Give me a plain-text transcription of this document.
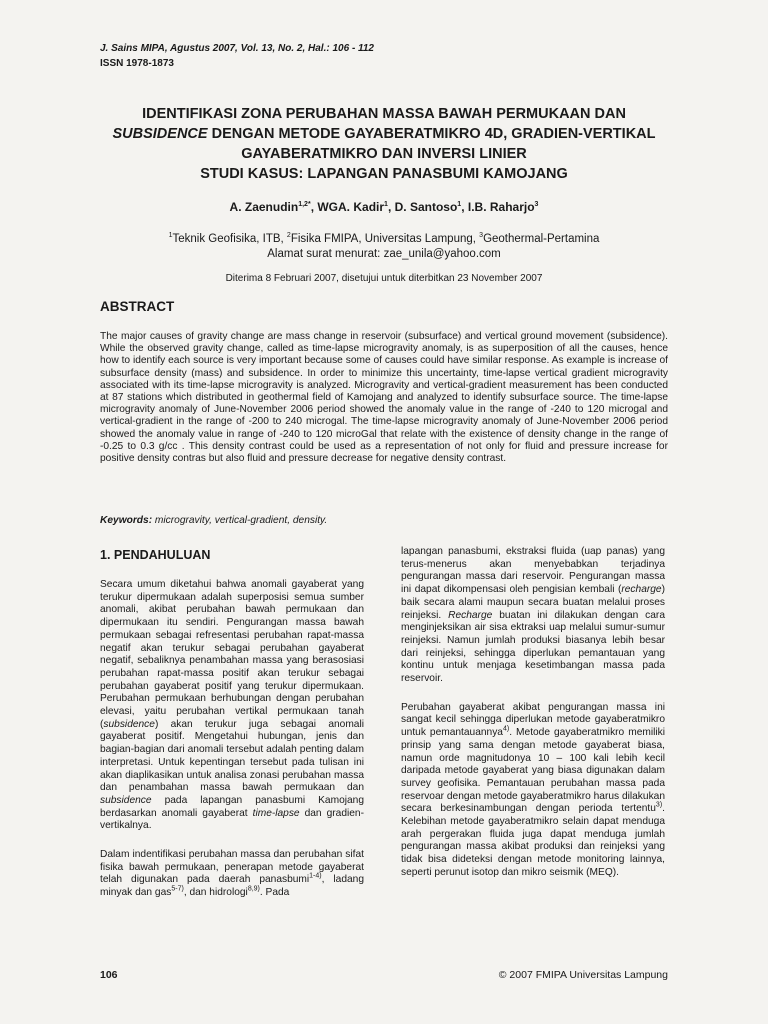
J. Sains MIPA, Agustus 2007, Vol. 13, No. 2, Hal.: 106 - 112
ISSN 1978-1873
IDENTIFIKASI ZONA PERUBAHAN MASSA BAWAH PERMUKAAN DAN
SUBSIDENCE DENGAN METODE GAYABERATMIKRO 4D, GRADIEN-VERTIKAL
GAYABERATMIKRO DAN INVERSI LINIER
STUDI KASUS: LAPANGAN PANASBUMI KAMOJANG
A. Zaenudin$^{1,2*}$, WGA. Kadir$^1$, D. Santoso$^1$, I.B. Raharjo$^3$
$^1$Teknik Geofisika, ITB, $^2$Fisika FMIPA, Universitas Lampung, $^3$Geothermal-Pertamina
Alamat surat menurat: zae_unila@yahoo.com
Diterima 8 Februari 2007, disetujui untuk diterbitkan 23 November 2007
ABSTRACT
The major causes of gravity change are mass change in reservoir (subsurface) and vertical ground movement (subsidence). While the observed gravity change, called as time-lapse microgravity anomaly, is as superposition of all the causes, hence how to identify each source is very important because some of causes could have similar response. As example is increase of subsurface density (mass) and subsidence. In order to minimize this uncertainty, time-lapse vertical gradient microgravity associated with its time-lapse microgravity is analyzed. Microgravity and vertical-gradient measurement has been conducted at 87 stations which distributed in geothermal field of Kamojang and analyzed to identify subsurface source. The time-lapse microgravity anomaly of June-November 2006 period showed the anomaly value in the range of -240 to 120 microgal and vertical-gradient in the range of -200 to 240 microgal. The time-lapse microgravity anomaly of June-November 2006 period showed the anomaly value in range of -240 to 120 microGal that relate with the existence of density change in the range of -0.25 to 0.3 g/cc . This density contrast could be used as a representation of not only for fluid and pressure increase for positive density contras but also fluid and pressure decrease for negative density contrast.
Keywords: microgravity, vertical-gradient, density.
1. PENDAHULUAN

Secara umum diketahui bahwa anomali gayaberat yang terukur dipermukaan adalah superposisi semua sumber anomali, akibat perubahan bawah permukaan dan dipermukaan itu sendiri. Pengurangan massa bawah permukaan sebagai refresentasi perubahan rapat-massa negatif akan terukur sebagai perubahan gayaberat negatif, sebaliknya penambahan massa yang berasosiasi perubahan rapat-massa positif akan terukur sebagai perubahan gayaberat positif yang terukur dipermukaan. Perubahan permukaan berhubungan dengan perubahan elevasi, yaitu perubahan vertikal permukaan tanah (subsidence) akan terukur juga sebagai anomali gayaberat positif. Mengetahui hubungan, jenis dan bagian-bagian dari anomali tersebut adalah penting dalam interpretasi. Untuk kepentingan tersebut pada tulisan ini akan diaplikasikan untuk analisa zonasi perubahan massa dan penambahan massa bawah permukaan dan subsidence pada lapangan panasbumi Kamojang berdasarkan anomali gayaberat time-lapse dan gradien-vertikalnya.

Dalam indentifikasi perubahan massa dan perubahan sifat fisika bawah permukaan, penerapan metode gayaberat telah digunakan pada daerah panasbumi$^{1-4)}$, ladang minyak dan gas$^{5-7)}$, dan hidrologi$^{8,9)}$. Pada

lapangan panasbumi, ekstraksi fluida (uap panas) yang terus-menerus akan menyebabkan terjadinya pengurangan massa dari reservoir. Pengurangan massa ini dapat dikompensasi oleh pengisian kembali (recharge) baik secara alami maupun secara buatan melalui proses reinjeksi. Recharge buatan ini dilakukan dengan cara menginjeksikan air sisa ektraksi uap melalui sumur-sumur reinjeksi. Namun jumlah produksi biasanya lebih besar dari reinjeksi, sehingga diperlukan pemantauan yang kontinu untuk menjaga kesetimbangan massa pada reservoir.

Perubahan gayaberat akibat pengurangan massa ini sangat kecil sehingga diperlukan metode gayaberatmikro untuk pemantauannya$^{4)}$. Metode gayaberatmikro memiliki prinsip yang sama dengan metode gayaberat biasa, namun orde magnitudonya 10 – 100 kali lebih kecil daripada metode gayaberat yang biasa digunakan dalam survey geofisika. Pemantauan perubahan massa pada reservoar dengan metode gayaberatmikro harus dilakukan secara berkesinambungan dengan perioda tertentu$^{3)}$. Kelebihan metode gayaberatmikro selain dapat menduga arah pergerakan fluida juga dapat menduga jumlah pengurangan massa akibat produksi dan reinjeksi yang tidak bisa dideteksi dengan metode monitoring lainnya, seperti perunut isotop dan mikro seismik (MEQ).

106	© 2007 FMIPA Universitas Lampung
